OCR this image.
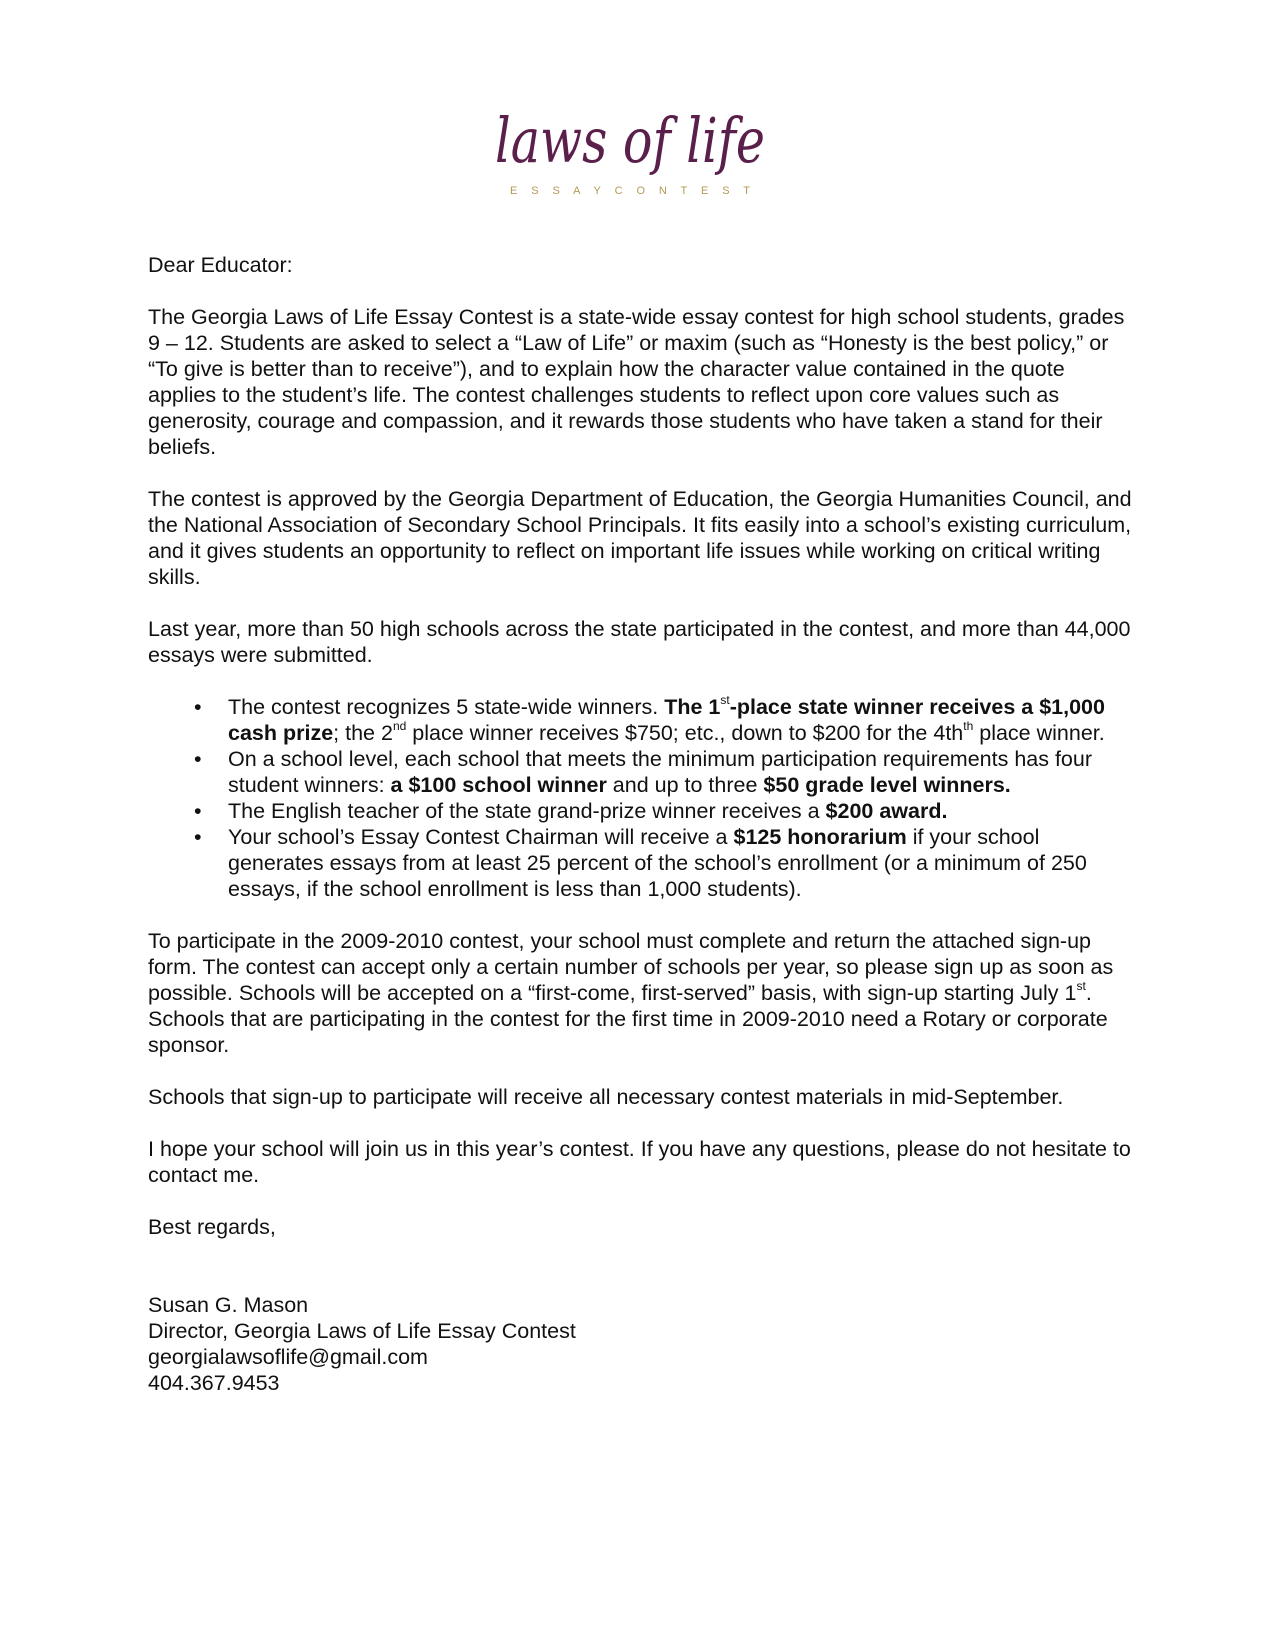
laws of life
E S S A Y C O N T E S T

Dear Educator:

The Georgia Laws of Life Essay Contest is a state-wide essay contest for high school students, grades 9 – 12. Students are asked to select a “Law of Life” or maxim (such as “Honesty is the best policy,” or “To give is better than to receive”), and to explain how the character value contained in the quote applies to the student’s life. The contest challenges students to reflect upon core values such as generosity, courage and compassion, and it rewards those students who have taken a stand for their beliefs.

The contest is approved by the Georgia Department of Education, the Georgia Humanities Council, and the National Association of Secondary School Principals. It fits easily into a school’s existing curriculum, and it gives students an opportunity to reflect on important life issues while working on critical writing skills.

Last year, more than 50 high schools across the state participated in the contest, and more than 44,000 essays were submitted.

• The contest recognizes 5 state-wide winners. The 1st-place state winner receives a $1,000 cash prize; the 2nd place winner receives $750; etc., down to $200 for the $4th^{th}$ place winner.
• On a school level, each school that meets the minimum participation requirements has four student winners: a $100 school winner and up to three $50 grade level winners.
• The English teacher of the state grand-prize winner receives a $200 award.
• Your school’s Essay Contest Chairman will receive a $125 honorarium if your school generates essays from at least 25 percent of the school’s enrollment (or a minimum of 250 essays, if the school enrollment is less than 1,000 students).

To participate in the 2009-2010 contest, your school must complete and return the attached sign-up form. The contest can accept only a certain number of schools per year, so please sign up as soon as possible. Schools will be accepted on a “first-come, first-served” basis, with sign-up starting July 1st. Schools that are participating in the contest for the first time in 2009-2010 need a Rotary or corporate sponsor.

Schools that sign-up to participate will receive all necessary contest materials in mid-September.

I hope your school will join us in this year’s contest. If you have any questions, please do not hesitate to contact me.

Best regards,

Susan G. Mason

Director, Georgia Laws of Life Essay Contest

georgialawsoflife@gmail.com

404.367.9453
